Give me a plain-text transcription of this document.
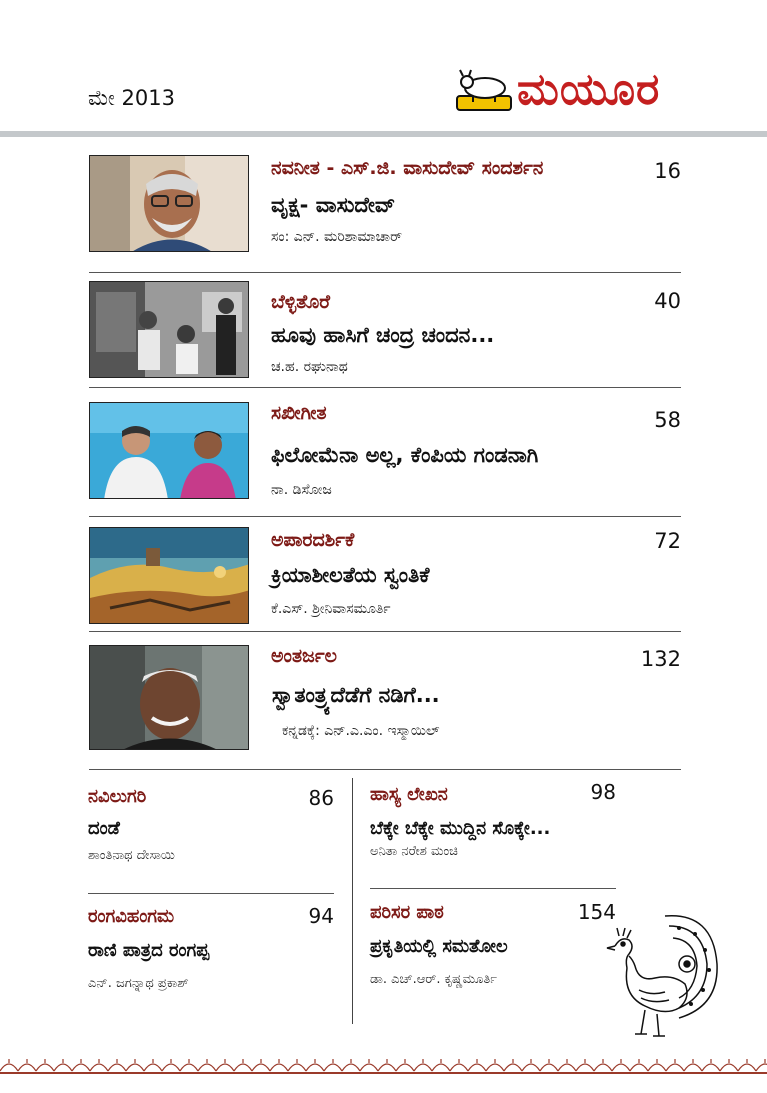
ಮೇ 2013	ಮಯೂರ
ನವನೀತ - ಎಸ್.ಜಿ. ವಾಸುದೇವ್ ಸಂದರ್ಶನ	16
ವೃಕ್ಷ- ವಾಸುದೇವ್
ಸಂ: ಎನ್. ಮರಿಶಾಮಾಚಾರ್
ಬೆಳ್ಳಿತೊರೆ	40
ಹೂವು ಹಾಸಿಗೆ ಚಂದ್ರ ಚಂದನ...
ಚ.ಹ. ರಘುನಾಥ
ಸಖೀಗೀತ	58
ಫಿಲೋಮೆನಾ ಅಲ್ಲ, ಕೆಂಪಿಯ ಗಂಡನಾಗಿ
ನಾ. ಡಿಸೋಜ
ಅಪಾರದರ್ಶಿಕೆ	72
ಕ್ರಿಯಾಶೀಲತೆಯ ಸ್ವಂತಿಕೆ
ಕೆ.ಎಸ್. ಶ್ರೀನಿವಾಸಮೂರ್ತಿ
ಅಂತರ್ಜಲ	132
ಸ್ವಾತಂತ್ರ್ಯದೆಡೆಗೆ ನಡಿಗೆ...
ಕನ್ನಡಕ್ಕೆ: ಎನ್.ಎ.ಎಂ. ಇಸ್ಮಾಯಿಲ್
ನವಿಲುಗರಿ	86
ದಂಡೆ
ಶಾಂತಿನಾಥ ದೇಸಾಯಿ
ಹಾಸ್ಯ ಲೇಖನ	98
ಬೆಕ್ಕೇ ಬೆಕ್ಕೇ ಮುದ್ದಿನ ಸೊಕ್ಕೇ...
ಅನಿತಾ ನರೇಶ ಮಂಚಿ
ರಂಗವಿಹಂಗಮ	94
ರಾಣಿ ಪಾತ್ರದ ರಂಗಪ್ಪ
ಎನ್. ಜಗನ್ನಾಥ ಪ್ರಕಾಶ್
ಪರಿಸರ ಪಾಠ	154
ಪ್ರಕೃತಿಯಲ್ಲಿ ಸಮತೋಲ
ಡಾ. ಎಚ್.ಆರ್. ಕೃಷ್ಣಮೂರ್ತಿ
